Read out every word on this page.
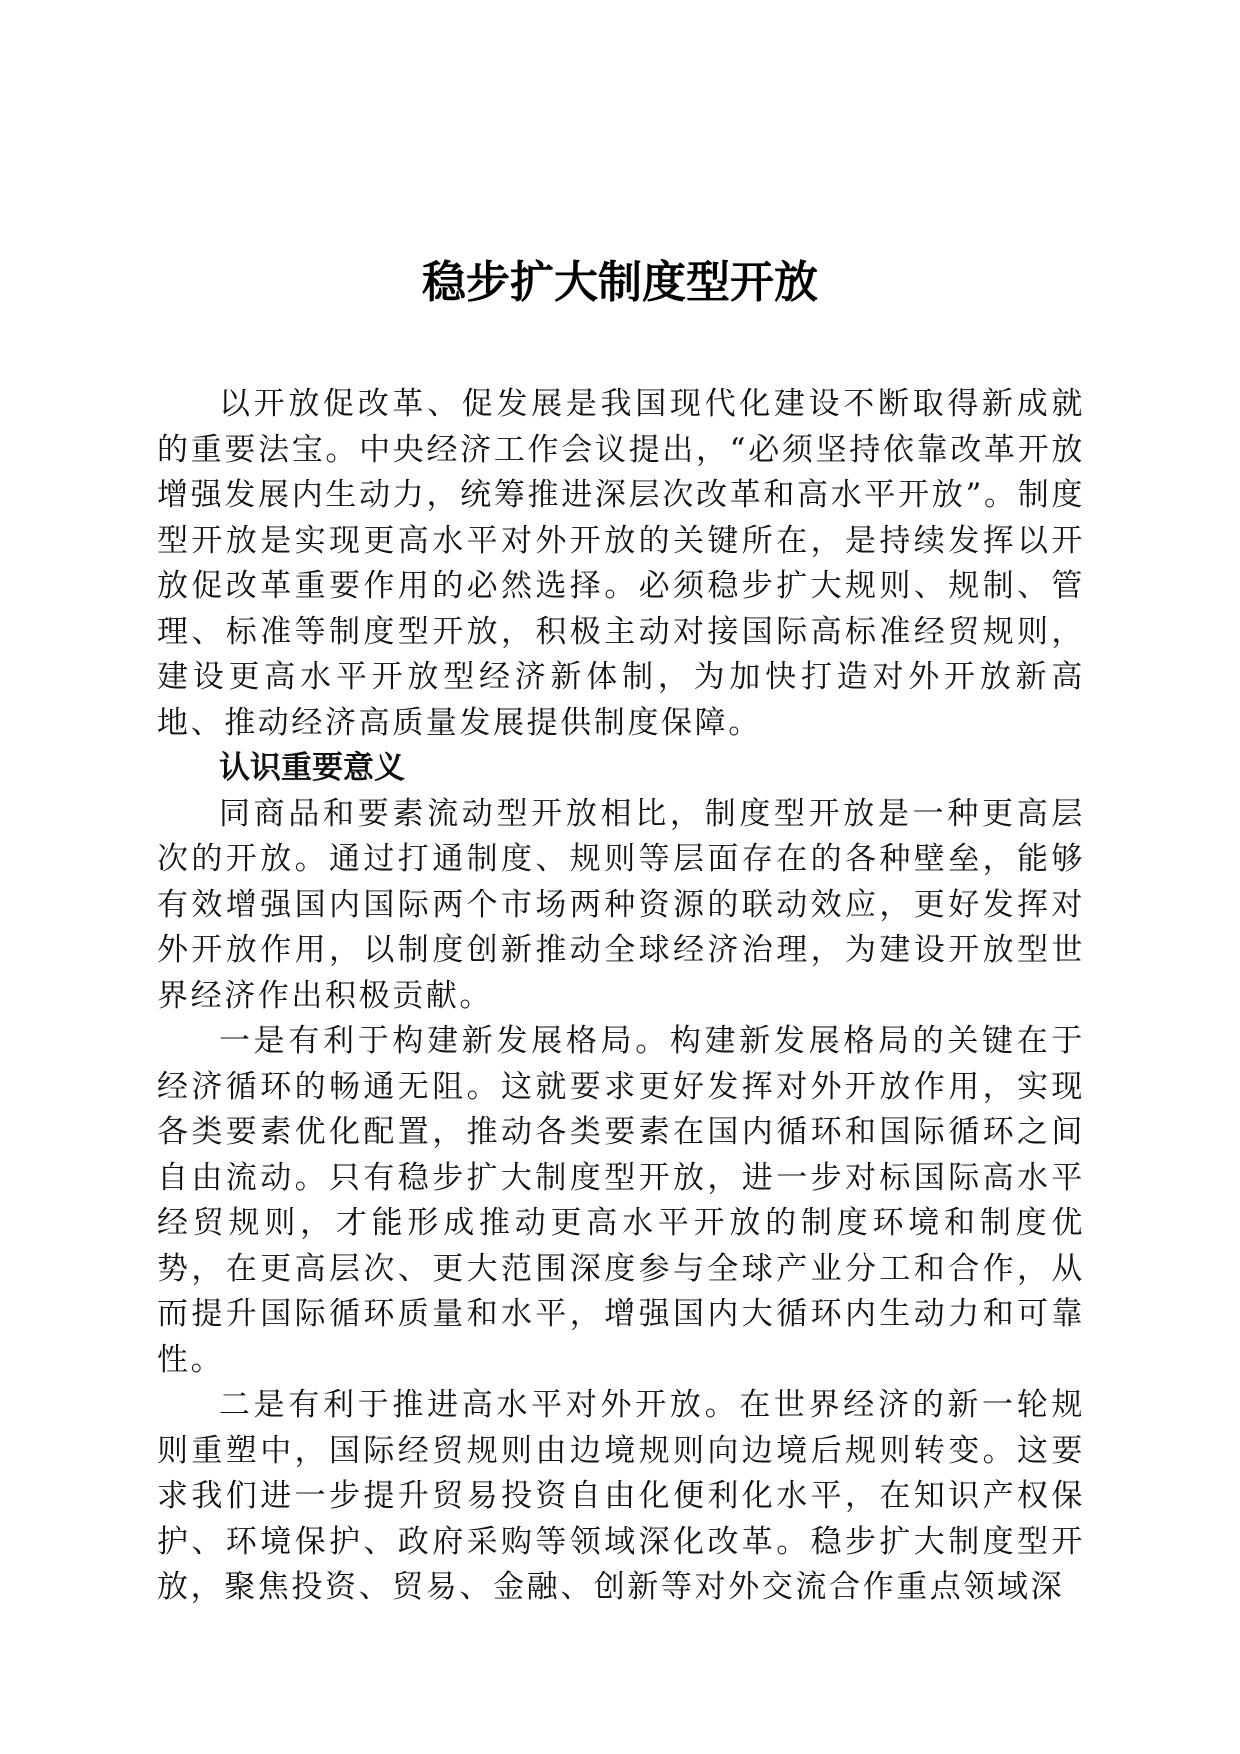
稳步扩大制度型开放

以开放促改革、促发展是我国现代化建设不断取得新成就的重要法宝。中央经济工作会议提出，“必须坚持依靠改革开放增强发展内生动力，统筹推进深层次改革和高水平开放”。制度型开放是实现更高水平对外开放的关键所在，是持续发挥以开放促改革重要作用的必然选择。必须稳步扩大规则、规制、管理、标准等制度型开放，积极主动对接国际高标准经贸规则，建设更高水平开放型经济新体制，为加快打造对外开放新高地、推动经济高质量发展提供制度保障。

认识重要意义

同商品和要素流动型开放相比，制度型开放是一种更高层次的开放。通过打通制度、规则等层面存在的各种壁垒，能够有效增强国内国际两个市场两种资源的联动效应，更好发挥对外开放作用，以制度创新推动全球经济治理，为建设开放型世界经济作出积极贡献。

一是有利于构建新发展格局。构建新发展格局的关键在于经济循环的畅通无阻。这就要求更好发挥对外开放作用，实现各类要素优化配置，推动各类要素在国内循环和国际循环之间自由流动。只有稳步扩大制度型开放，进一步对标国际高水平经贸规则，才能形成推动更高水平开放的制度环境和制度优势，在更高层次、更大范围深度参与全球产业分工和合作，从而提升国际循环质量和水平，增强国内大循环内生动力和可靠性。

二是有利于推进高水平对外开放。在世界经济的新一轮规则重塑中，国际经贸规则由边境规则向边境后规则转变。这要求我们进一步提升贸易投资自由化便利化水平，在知识产权保护、环境保护、政府采购等领域深化改革。稳步扩大制度型开放，聚焦投资、贸易、金融、创新等对外交流合作重点领域深
